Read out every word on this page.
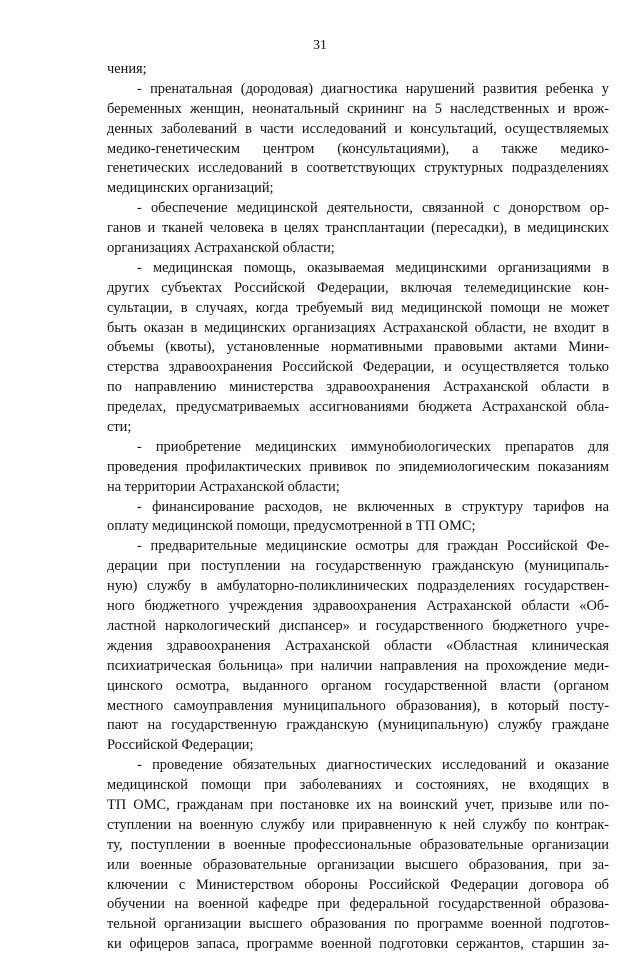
31
чения;
- пренатальная (дородовая) диагностика нарушений развития ребенка у
беременных женщин, неонатальный скрининг на 5 наследственных и врож-
денных заболеваний в части исследований и консультаций, осуществляемых
медико-генетическим центром (консультациями), а также медико-
генетических исследований в соответствующих структурных подразделениях
медицинских организаций;
- обеспечение медицинской деятельности, связанной с донорством ор-
ганов и тканей человека в целях трансплантации (пересадки), в медицинских
организациях Астраханской области;
- медицинская помощь, оказываемая медицинскими организациями в
других субъектах Российской Федерации, включая телемедицинские кон-
сультации, в случаях, когда требуемый вид медицинской помощи не может
быть оказан в медицинских организациях Астраханской области, не входит в
объемы (квоты), установленные нормативными правовыми актами Мини-
стерства здравоохранения Российской Федерации, и осуществляется только
по направлению министерства здравоохранения Астраханской области в
пределах, предусматриваемых ассигнованиями бюджета Астраханской обла-
сти;
- приобретение медицинских иммунобиологических препаратов для
проведения профилактических прививок по эпидемиологическим показаниям
на территории Астраханской области;
- финансирование расходов, не включенных в структуру тарифов на
оплату медицинской помощи, предусмотренной в ТП ОМС;
- предварительные медицинские осмотры для граждан Российской Фе-
дерации при поступлении на государственную гражданскую (муниципаль-
ную) службу в амбулаторно-поликлинических подразделениях государствен-
ного бюджетного учреждения здравоохранения Астраханской области «Об-
ластной наркологический диспансер» и государственного бюджетного учре-
ждения здравоохранения Астраханской области «Областная клиническая
психиатрическая больница» при наличии направления на прохождение меди-
цинского осмотра, выданного органом государственной власти (органом
местного самоуправления муниципального образования), в который посту-
пают на государственную гражданскую (муниципальную) службу граждане
Российской Федерации;
- проведение обязательных диагностических исследований и оказание
медицинской помощи при заболеваниях и состояниях, не входящих в
ТП ОМС, гражданам при постановке их на воинский учет, призыве или по-
ступлении на военную службу или приравненную к ней службу по контрак-
ту, поступлении в военные профессиональные образовательные организации
или военные образовательные организации высшего образования, при за-
ключении с Министерством обороны Российской Федерации договора об
обучении на военной кафедре при федеральной государственной образова-
тельной организации высшего образования по программе военной подготов-
ки офицеров запаса, программе военной подготовки сержантов, старшин за-
